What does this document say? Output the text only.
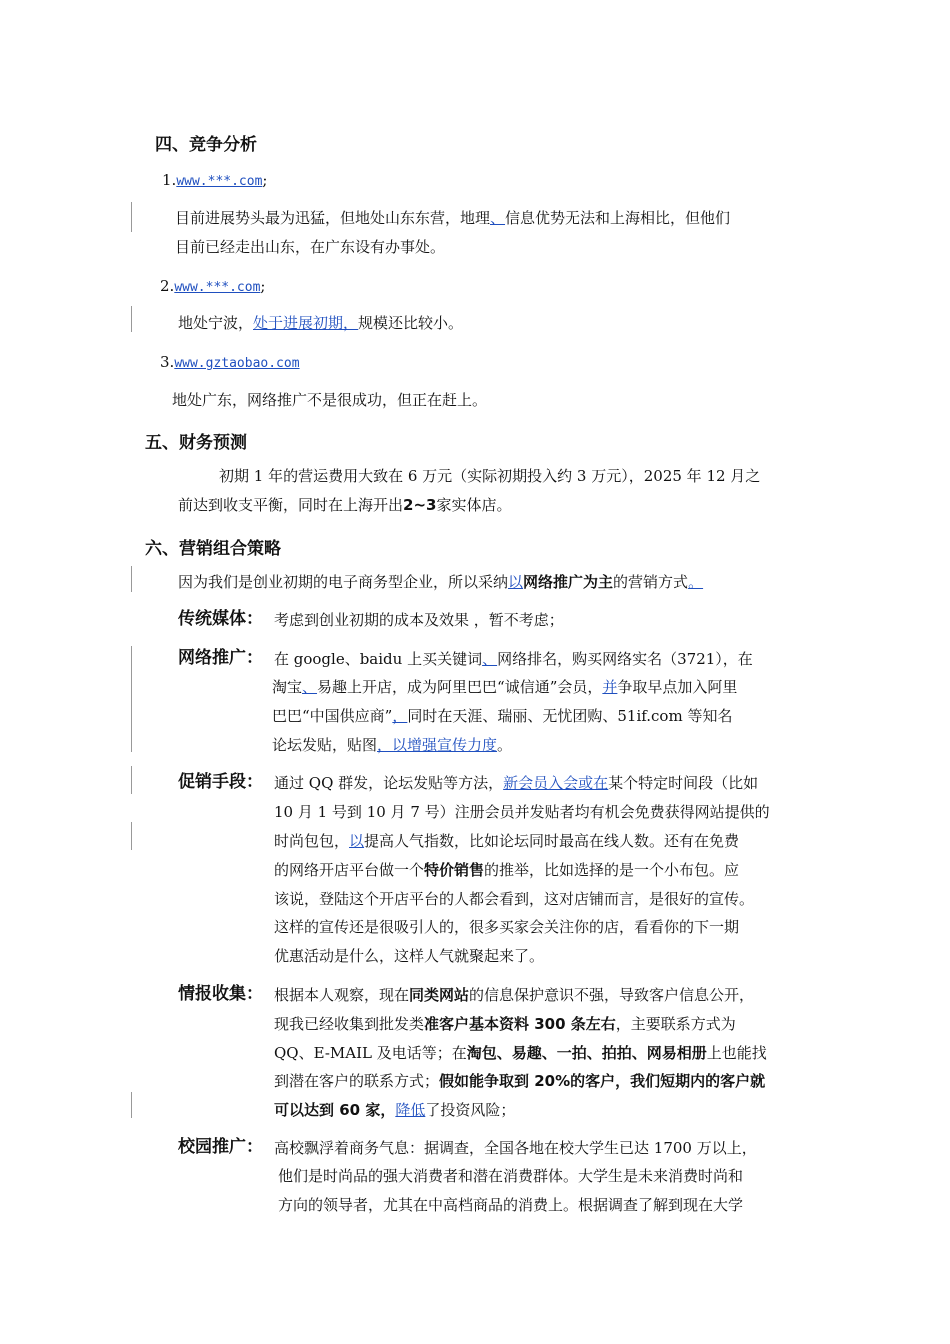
四、竞争分析
1.www.***.com;
目前进展势头最为迅猛，但地处山东东营，地理、信息优势无法和上海相比，但他们
目前已经走出山东，在广东设有办事处。
2.www.***.com;
地处宁波，处于进展初期，规模还比较小。
3.www.gztaobao.com
地处广东，网络推广不是很成功，但正在赶上。
五、财务预测
初期 1 年的营运费用大致在 6 万元（实际初期投入约 3 万元），2025 年 12 月之
前达到收支平衡，同时在上海开出2~3家实体店。
六、营销组合策略
因为我们是创业初期的电子商务型企业，所以采纳以网络推广为主的营销方式。
传统媒体： 考虑到创业初期的成本及效果 ，暂不考虑；
网络推广： 在 google、baidu 上买关键词、网络排名，购买网络实名（3721），在
淘宝、易趣上开店，成为阿里巴巴“诚信通”会员，并争取早点加入阿里
巴巴“中国供应商”，同时在天涯、瑞丽、无忧团购、51if.com 等知名
论坛发贴，贴图，以增强宣传力度。
促销手段： 通过 QQ 群发，论坛发贴等方法，新会员入会或在某个特定时间段（比如
10 月 1 号到 10 月 7 号）注册会员并发贴者均有机会免费获得网站提供的
时尚包包，以提高人气指数，比如论坛同时最高在线人数。还有在免费
的网络开店平台做一个特价销售的推举，比如选择的是一个小布包。应
该说，登陆这个开店平台的人都会看到，这对店铺而言，是很好的宣传。
这样的宣传还是很吸引人的，很多买家会关注你的店，看看你的下一期
优惠活动是什么，这样人气就聚起来了。
情报收集： 根据本人观察，现在同类网站的信息保护意识不强，导致客户信息公开，
现我已经收集到批发类准客户基本资料 300 条左右，主要联系方式为
QQ、E-MAIL 及电话等；在淘包、易趣、一拍、拍拍、网易相册上也能找
到潜在客户的联系方式；假如能争取到 20%的客户，我们短期内的客户就
可以达到 60 家，降低了投资风险；
校园推广： 高校飘浮着商务气息：据调查，全国各地在校大学生已达 1700 万以上，
他们是时尚品的强大消费者和潜在消费群体。大学生是未来消费时尚和
方向的领导者，尤其在中高档商品的消费上。根据调查了解到现在大学
